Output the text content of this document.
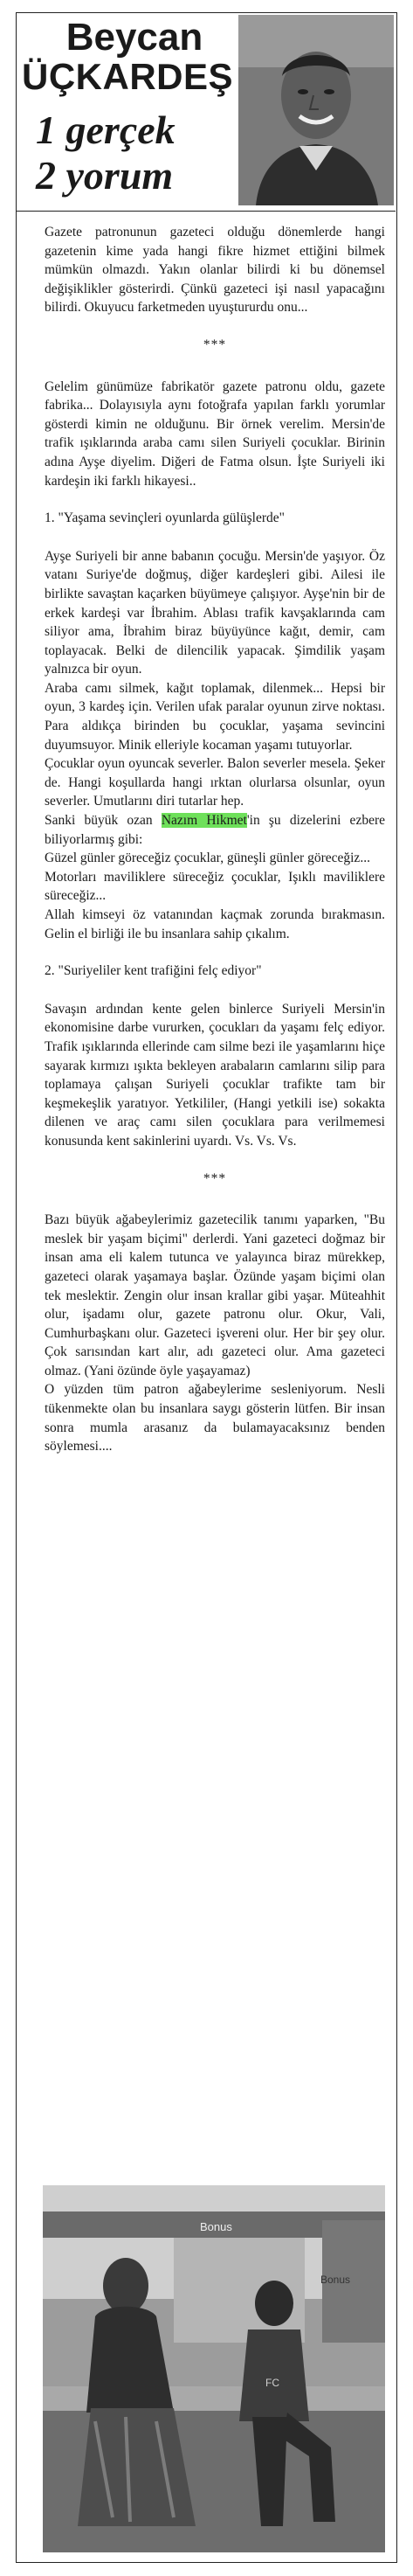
Beycan
ÜÇKARDEŞ
1 gerçek
2 yorum

Gazete patronunun gazeteci olduğu dönemlerde hangi gazetenin kime yada hangi fikre hizmet ettiğini bilmek mümkün olmazdı. Yakın olanlar bilirdi ki bu dönemsel değişiklikler gösterirdi. Çünkü gazeteci işi nasıl yapacağını bilirdi. Okuyucu farketmeden uyuştururdu onu...

***

Gelelim günümüze fabrikatör gazete patronu oldu, gazete fabrika... Dolayısıyla aynı fotoğrafa yapılan farklı yorumlar gösterdi kimin ne olduğunu. Bir örnek verelim. Mersin'de trafik ışıklarında araba camı silen Suriyeli çocuklar. Birinin adına Ayşe diyelim. Diğeri de Fatma olsun. İşte Suriyeli iki kardeşin iki farklı hikayesi..

1. "Yaşama sevinçleri oyunlarda gülüşlerde"

Ayşe Suriyeli bir anne babanın çocuğu. Mersin'de yaşıyor. Öz vatanı Suriye'de doğmuş, diğer kardeşleri gibi. Ailesi ile birlikte savaştan kaçarken büyümeye çalışıyor. Ayşe'nin bir de erkek kardeşi var İbrahim. Ablası trafik kavşaklarında cam siliyor ama, İbrahim biraz büyüyünce kağıt, demir, cam toplayacak. Belki de dilencilik yapacak. Şimdilik yaşam yalnızca bir oyun.

Araba camı silmek, kağıt toplamak, dilenmek... Hepsi bir oyun, 3 kardeş için. Verilen ufak paralar oyunun zirve noktası. Para aldıkça birinden bu çocuklar, yaşama sevincini duyumsuyor. Minik elleriyle kocaman yaşamı tutuyorlar.

Çocuklar oyun oyuncak severler. Balon severler mesela. Şeker de. Hangi koşullarda hangi ırktan olurlarsa olsunlar, oyun severler. Umutlarını diri tutarlar hep.

Sanki büyük ozan Nazım Hikmet'in şu dizelerini ezbere biliyorlarmış gibi:

Güzel günler göreceğiz çocuklar, güneşli günler göreceğiz...

Motorları maviliklere süreceğiz çocuklar, Işıklı maviliklere süreceğiz...

Allah kimseyi öz vatanından kaçmak zorunda bırakmasın. Gelin el birliği ile bu insanlara sahip çıkalım.

2. "Suriyeliler kent trafiğini felç ediyor"

Savaşın ardından kente gelen binlerce Suriyeli Mersin'in ekonomisine darbe vururken, çocukları da yaşamı felç ediyor. Trafik ışıklarında ellerinde cam silme bezi ile yaşamlarını hiçe sayarak kırmızı ışıkta bekleyen arabaların camlarını silip para toplamaya çalışan Suriyeli çocuklar trafikte tam bir keşmekeşlik yaratıyor. Yetkililer, (Hangi yetkili ise) sokakta dilenen ve araç camı silen çocuklara para verilmemesi konusunda kent sakinlerini uyardı. Vs. Vs. Vs.

***

Bazı büyük ağabeylerimiz gazetecilik tanımı yaparken, "Bu meslek bir yaşam biçimi" derlerdi. Yani gazeteci doğmaz bir insan ama eli kalem tutunca ve yalayınca biraz mürekkep, gazeteci olarak yaşamaya başlar. Özünde yaşam biçimi olan tek meslektir. Zengin olur insan krallar gibi yaşar. Müteahhit olur, işadamı olur, gazete patronu olur. Okur, Vali, Cumhurbaşkanı olur. Gazeteci işvereni olur. Her bir şey olur. Çok sarısından kart alır, adı gazeteci olur. Ama gazeteci olmaz. (Yani özünde öyle yaşayamaz)

O yüzden tüm patron ağabeylerime seslenіyorum. Nesli tükenmekte olan bu insanlara saygı gösterin lütfen. Bir insan sonra mumla arasanız da bulamayacaksınız benden söylemesi....

Bonus
Bonus
FC
